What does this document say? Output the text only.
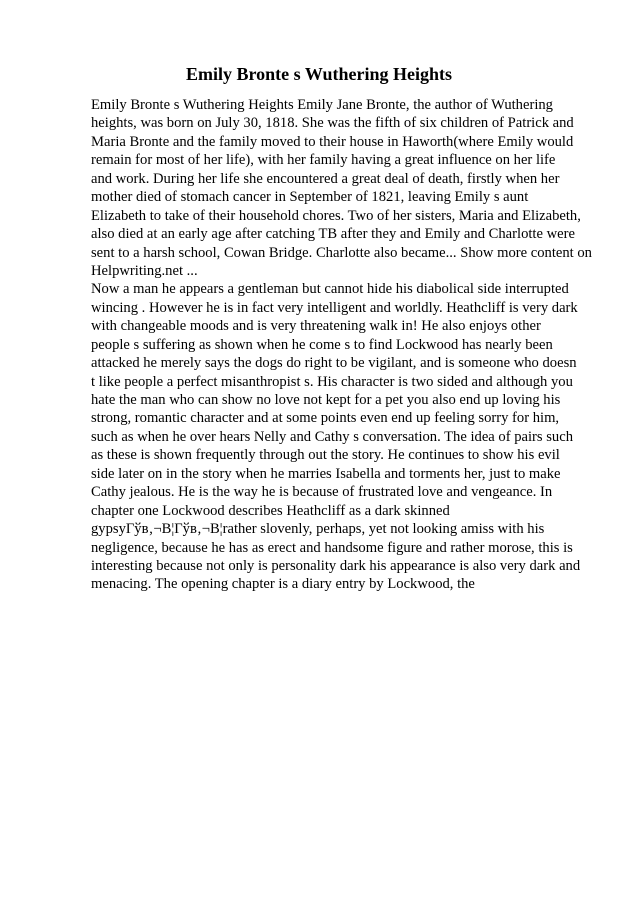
Emily Bronte s Wuthering Heights
Emily Bronte s Wuthering Heights Emily Jane Bronte, the author of Wuthering
heights, was born on July 30, 1818. She was the fifth of six children of Patrick and
Maria Bronte and the family moved to their house in Haworth(where Emily would
remain for most of her life), with her family having a great influence on her life
and work. During her life she encountered a great deal of death, firstly when her
mother died of stomach cancer in September of 1821, leaving Emily s aunt
Elizabeth to take of their household chores. Two of her sisters, Maria and Elizabeth,
also died at an early age after catching TB after they and Emily and Charlotte were
sent to a harsh school, Cowan Bridge. Charlotte also became... Show more content on
Helpwriting.net ...
Now a man he appears a gentleman but cannot hide his diabolical side interrupted
wincing . However he is in fact very intelligent and worldly. Heathcliff is very dark
with changeable moods and is very threatening walk in! He also enjoys other
people s suffering as shown when he come s to find Lockwood has nearly been
attacked he merely says the dogs do right to be vigilant, and is someone who doesn
t like people a perfect misanthropist s. His character is two sided and although you
hate the man who can show no love not kept for a pet you also end up loving his
strong, romantic character and at some points even end up feeling sorry for him,
such as when he over hears Nelly and Cathy s conversation. The idea of pairs such
as these is shown frequently through out the story. He continues to show his evil
side later on in the story when he marries Isabella and torments her, just to make
Cathy jealous. He is the way he is because of frustrated love and vengeance. In
chapter one Lockwood describes Heathcliff as a dark skinned
gypsyГўв‚¬В¦Гўв‚¬В¦rather slovenly, perhaps, yet not looking amiss with his
negligence, because he has as erect and handsome figure and rather morose, this is
interesting because not only is personality dark his appearance is also very dark and
menacing. The opening chapter is a diary entry by Lockwood, the
